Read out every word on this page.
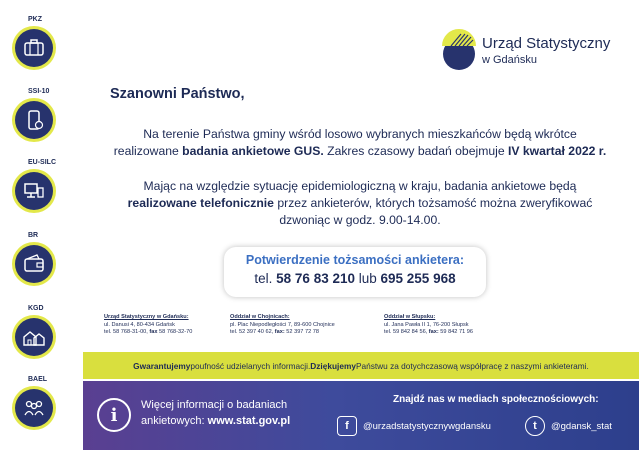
PKZ
SSI-10
EU-SILC
BR
KGD
BAEL
Urząd Statystyczny
w Gdańsku
Szanowni Państwo,
Na terenie Państwa gminy wśród losowo wybranych mieszkańców będą wkrótce realizowane badania ankietowe GUS. Zakres czasowy badań obejmuje IV kwartał 2022 r.
Mając na względzie sytuację epidemiologiczną w kraju, badania ankietowe będą realizowane telefonicznie przez ankieterów, których tożsamość można zweryfikować dzwoniąc w godz. 9.00-14.00.
Potwierdzenie tożsamości ankietera:
tel. 58 76 83 210 lub 695 255 968
Urząd Statystyczny w Gdańsku:
ul. Danusi 4, 80-434 Gdańsk
tel. 58 768-31-00, fax 58 768-32-70
Oddział w Chojnicach:
pl. Plac Niepodległości 7, 89-600 Chojnice
tel. 52 397 40 62, fax: 52 397 72 78
Oddział w Słupsku:
ul. Jana Pawła II 1, 76-200 Słupsk
tel. 59 842 84 56, fax: 59 842 71 96
Gwarantujemy poufność udzielanych informacji. Dziękujemy Państwu za dotychczasową współpracę z naszymi ankieterami.
i	Więcej informacji o badaniach
ankietowych: www.stat.gov.pl
Znajdź nas w mediach społecznościowych:
f	@urzadstatystycznywgdansku	t	@gdansk_stat
